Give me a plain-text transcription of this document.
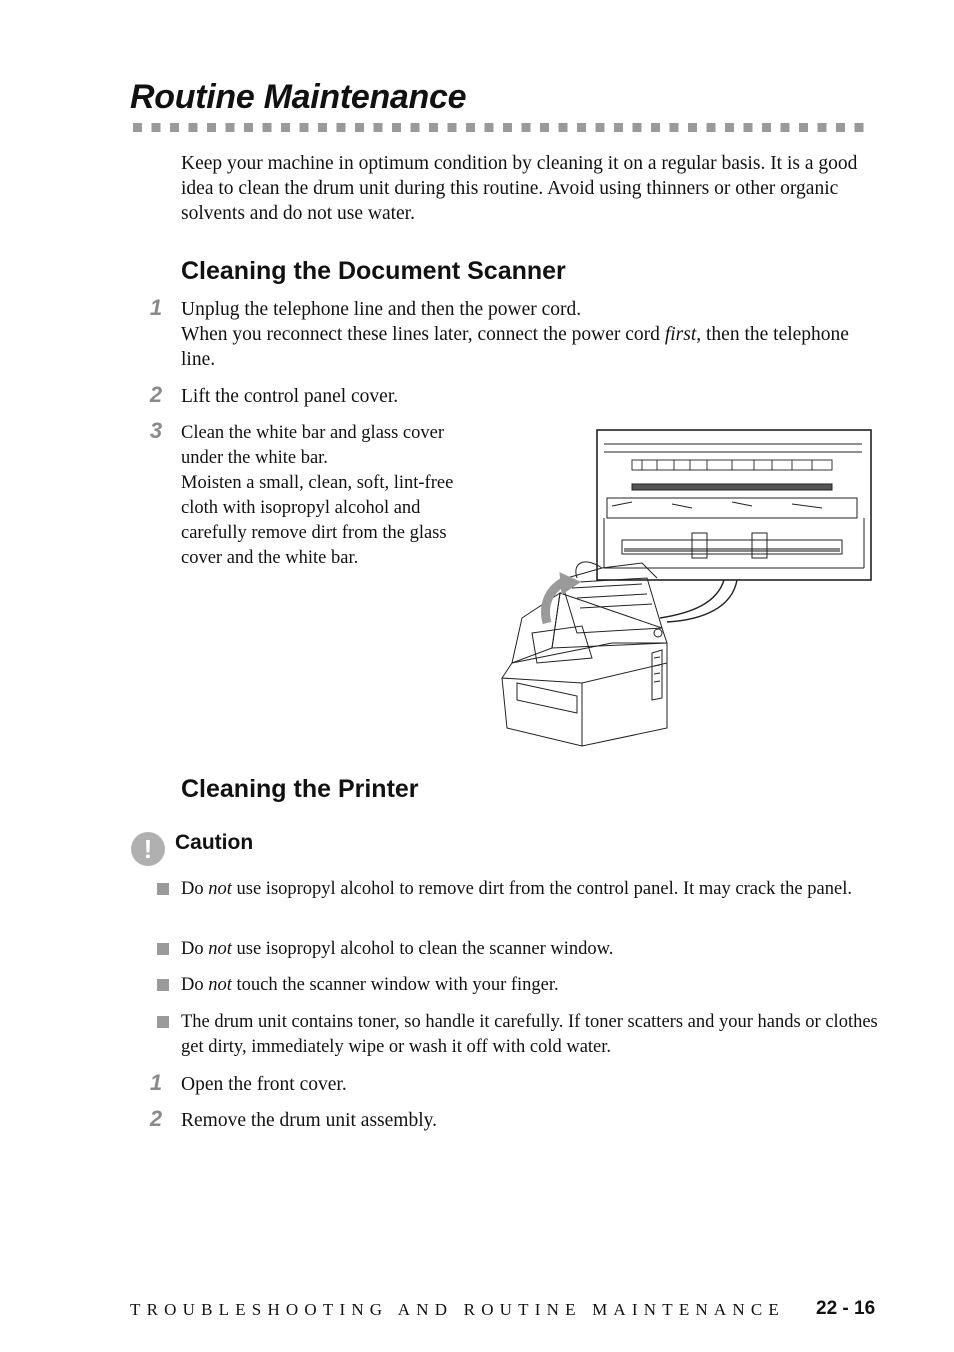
Routine Maintenance

Keep your machine in optimum condition by cleaning it on a regular basis. It is a good idea to clean the drum unit during this routine. Avoid using thinners or other organic solvents and do not use water.

Cleaning the Document Scanner
1 Unplug the telephone line and then the power cord.
When you reconnect these lines later, connect the power cord first, then the telephone line.

2 Lift the control panel cover.

3 Clean the white bar and glass cover under the white bar.
Moisten a small, clean, soft, lint-free cloth with isopropyl alcohol and carefully remove dirt from the glass cover and the white bar.

Cleaning the Printer
!	Caution

Do not use isopropyl alcohol to remove dirt from the control panel. It may crack the panel.

Do not use isopropyl alcohol to clean the scanner window.

Do not touch the scanner window with your finger.

The drum unit contains toner, so handle it carefully. If toner scatters and your hands or clothes get dirty, immediately wipe or wash it off with cold water.

1 Open the front cover.

2 Remove the drum unit assembly.

TROUBLESHOOTING AND ROUTINE MAINTENANCE 22 - 16
